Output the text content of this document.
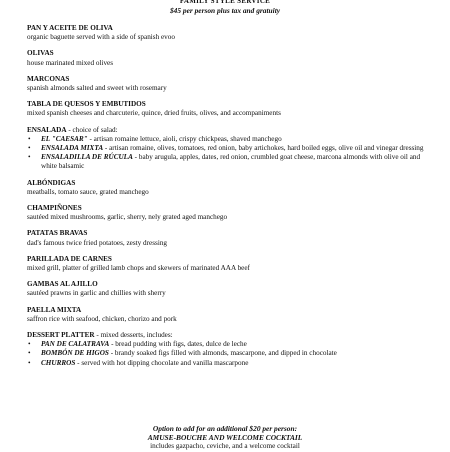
FAMILY STYLE SERVICE
$45 per person plus tax and gratuity
PAN Y ACEITE DE OLIVA
organic baguette served with a side of spanish evoo
OLIVAS
house marinated mixed olives
MARCONAS
spanish almonds salted and sweet with rosemary
TABLA DE QUESOS Y EMBUTIDOS
mixed spanish cheeses and charcuterie, quince, dried fruits, olives, and accompaniments
ENSALADA - choice of salad:
• EL "CAESAR" - artisan romaine lettuce, aioli, crispy chickpeas, shaved manchego
• ENSALADA MIXTA - artisan romaine, olives, tomatoes, red onion, baby artichokes, hard boiled eggs, olive oil and vinegar dressing
• ENSALADILLA DE RÚCULA - baby arugula, apples, dates, red onion, crumbled goat cheese, marcona almonds with olive oil and white balsamic
ALBÓNDIGAS
meatballs, tomato sauce, grated manchego
CHAMPIÑONES
sautéed mixed mushrooms, garlic, sherry, nely grated aged manchego
PATATAS BRAVAS
dad's famous twice fried potatoes, zesty dressing
PARILLADA DE CARNES
mixed grill, platter of grilled lamb chops and skewers of marinated AAA beef
GAMBAS AL AJILLO
sautéed prawns in garlic and chillies with sherry
PAELLA MIXTA
saffron rice with seafood, chicken, chorizo and pork
DESSERT PLATTER - mixed desserts, includes:
• PAN DE CALATRAVA - bread pudding with figs, dates, dulce de leche
• BOMBÓN DE HIGOS - brandy soaked figs filled with almonds, mascarpone, and dipped in chocolate
• CHURROS - served with hot dipping chocolate and vanilla mascarpone
Option to add for an additional $20 per person:
AMUSE-BOUCHE AND WELCOME COCKTAIL
includes gazpacho, ceviche, and a welcome cocktail
